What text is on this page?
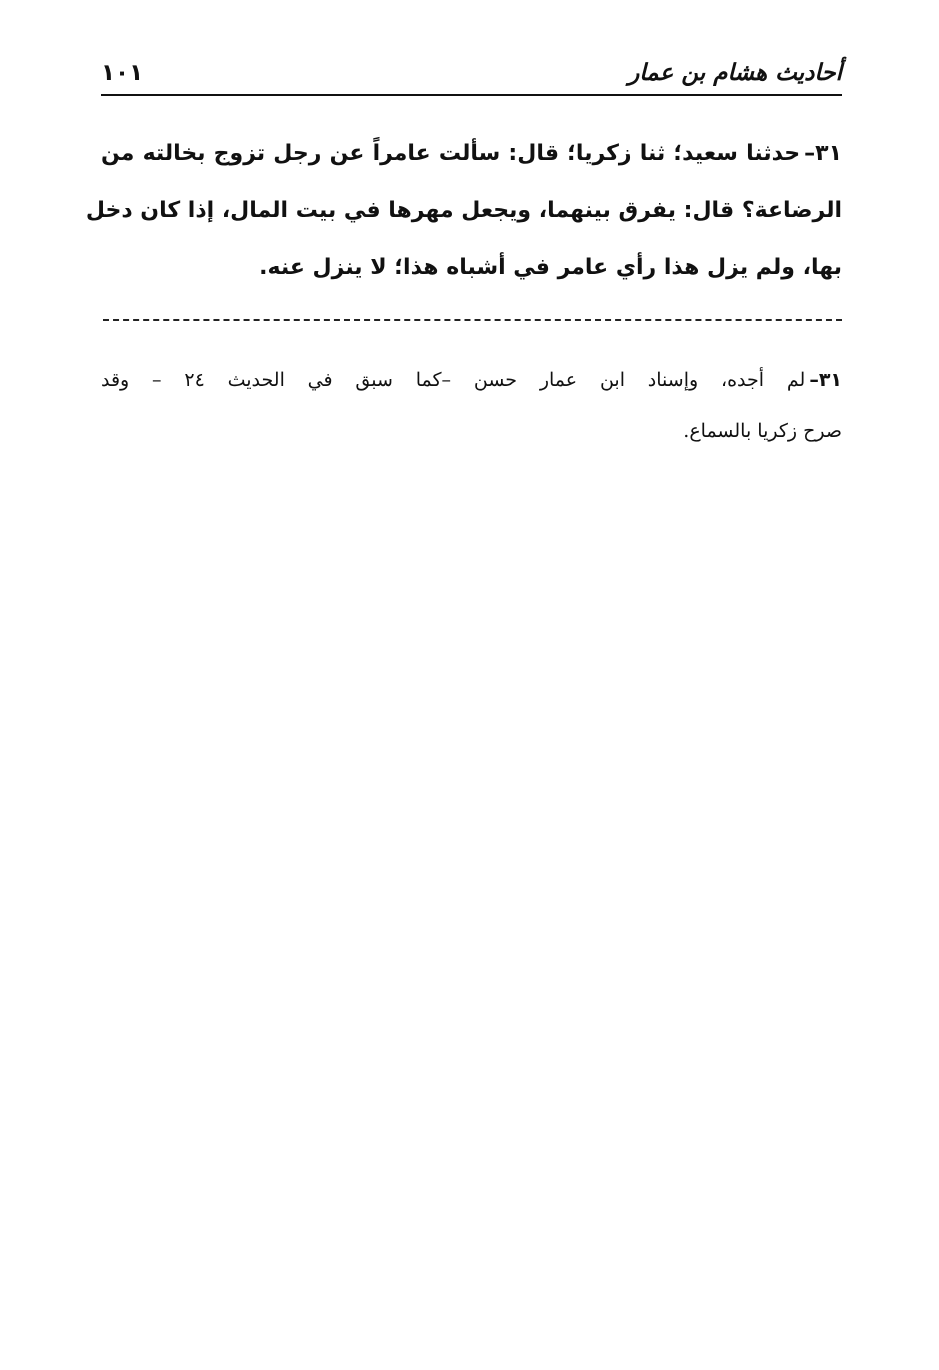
أحاديث هشام بن عمار
١٠١
٣١–حدثنا سعيد؛ ثنا زكريا؛ قال: سألت عامراً عن رجل تزوج بخالته من
الرضاعة؟ قال: يفرق بينهما، ويجعل مهرها في بيت المال، إذا كان دخل
بها، ولم يزل هذا رأي عامر في أشباه هذا؛ لا ينزل عنه.
٣١–لم أجده، وإسناد ابن عمار حسن –كما سبق في الحديث ٢٤ – وقد
صرح زكريا بالسماع.
